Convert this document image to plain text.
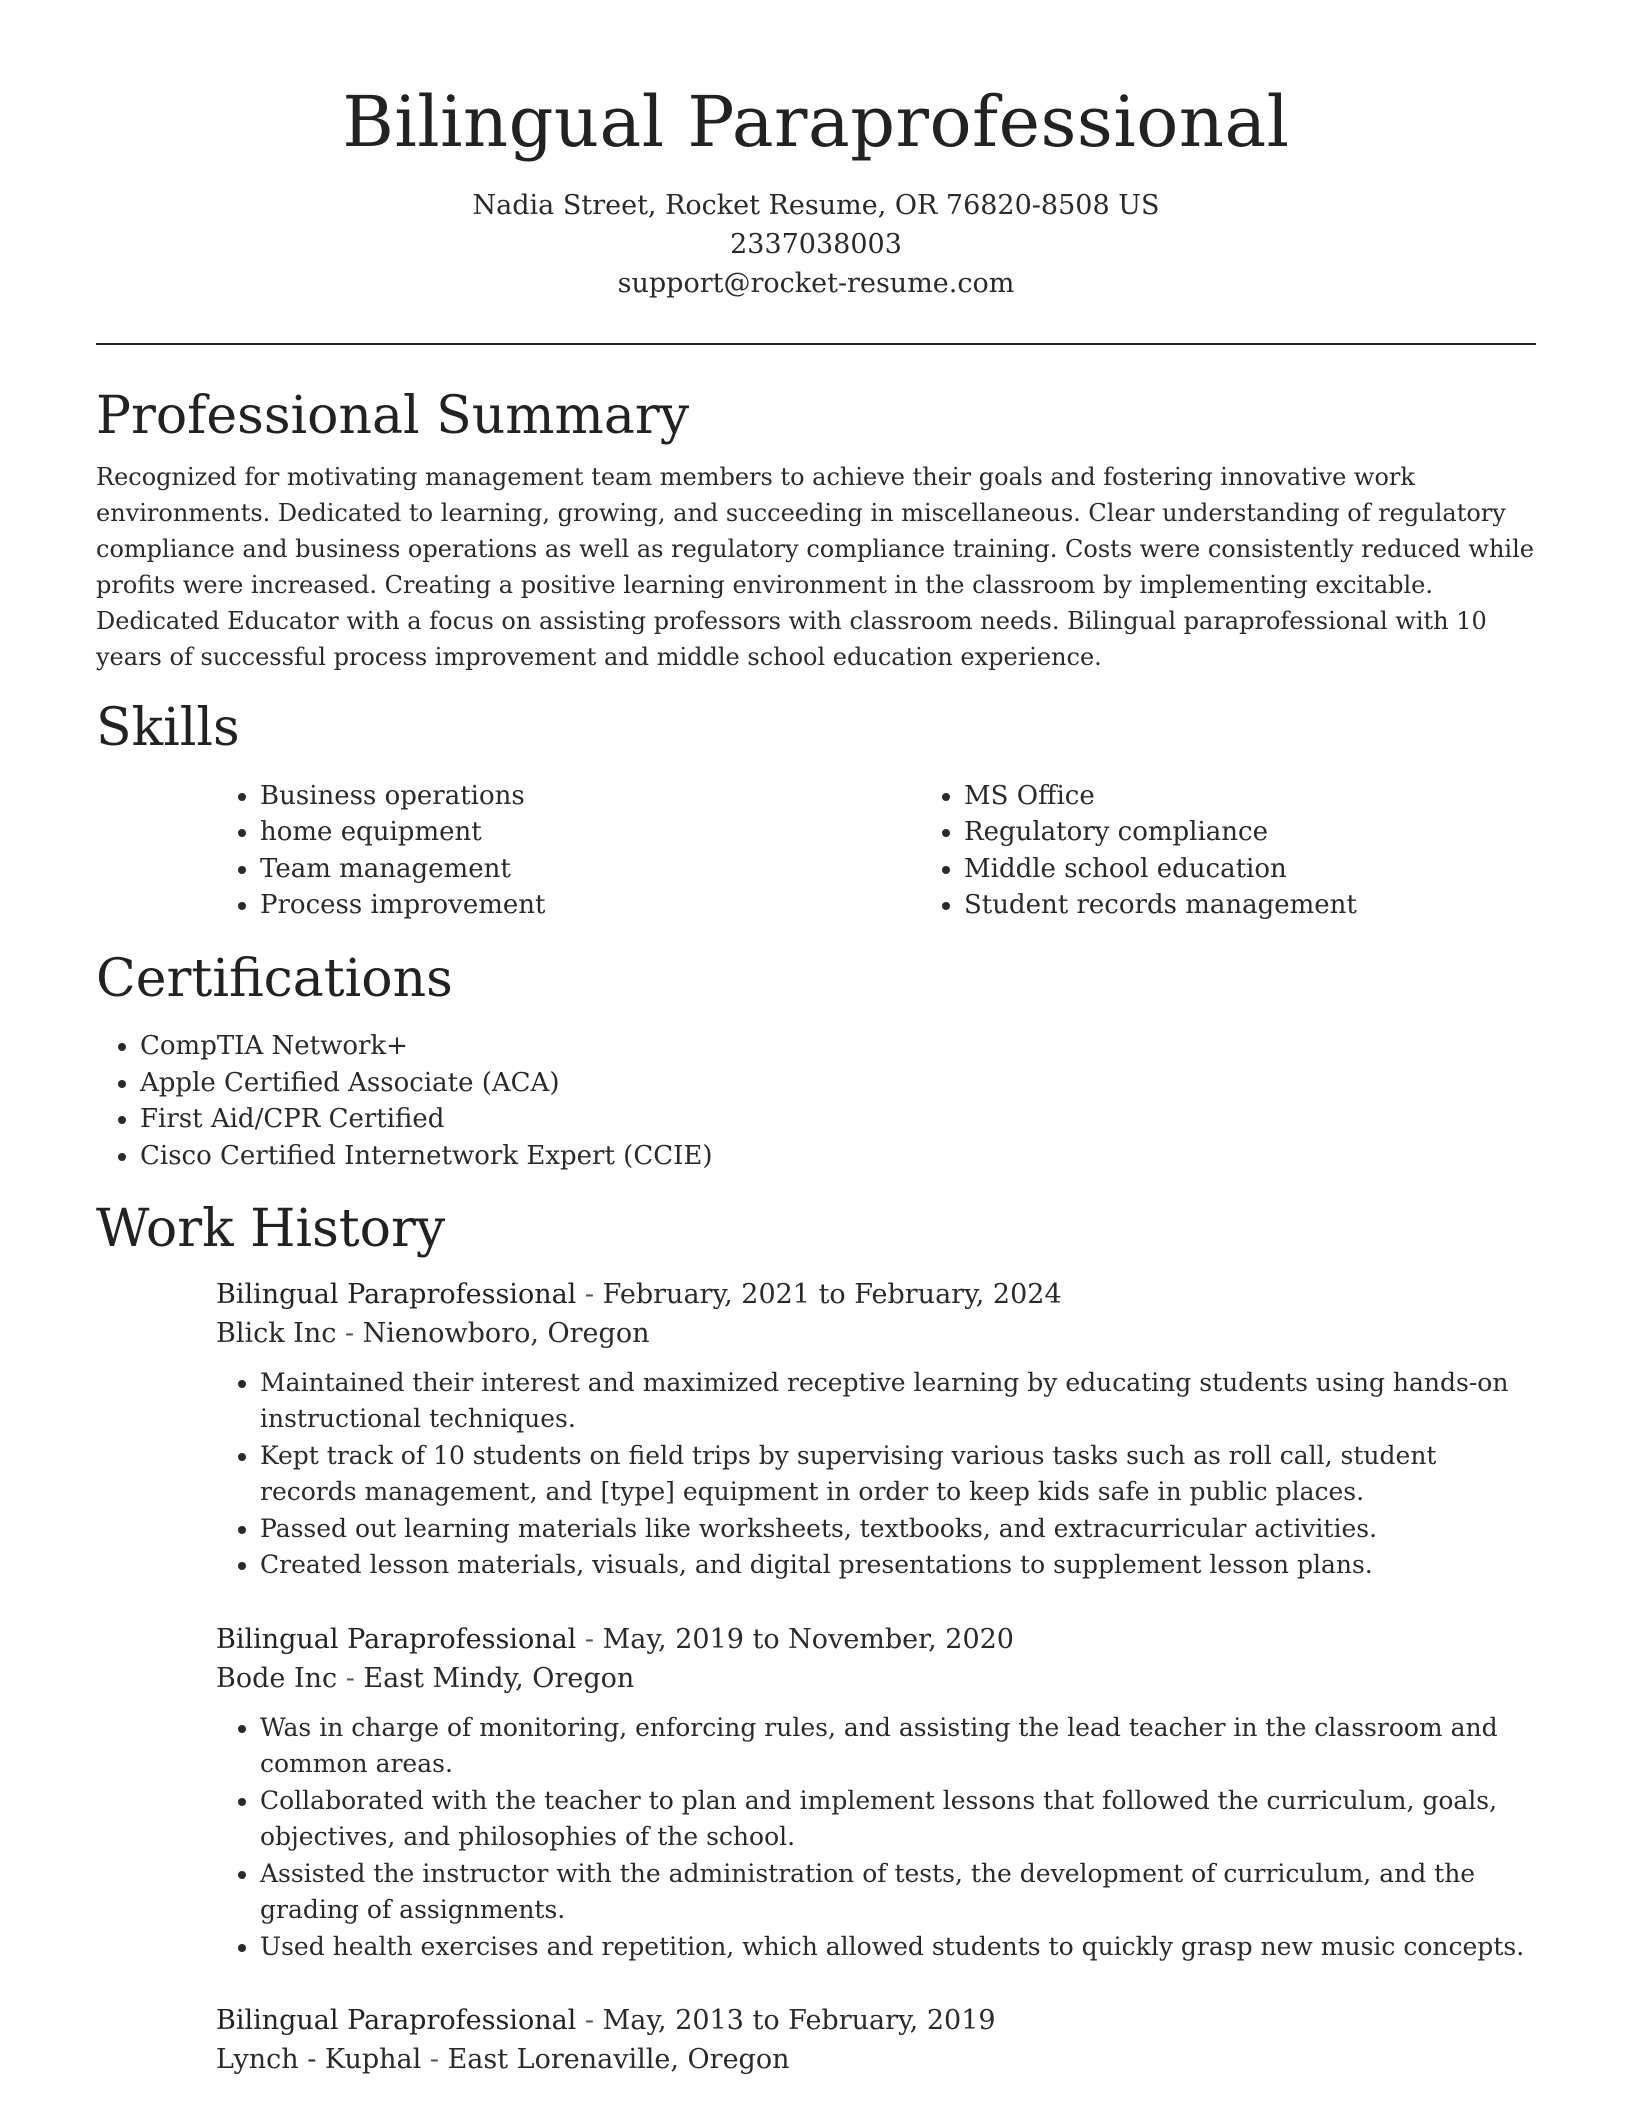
Bilingual Paraprofessional
Nadia Street, Rocket Resume, OR 76820-8508 US
2337038003
support@rocket-resume.com
Professional Summary

Recognized for motivating management team members to achieve their goals and fostering innovative work environments. Dedicated to learning, growing, and succeeding in miscellaneous. Clear understanding of regulatory compliance and business operations as well as regulatory compliance training. Costs were consistently reduced while profits were increased. Creating a positive learning environment in the classroom by implementing excitable. Dedicated Educator with a focus on assisting professors with classroom needs. Bilingual paraprofessional with 10 years of successful process improvement and middle school education experience.

Skills
• Business operations
• home equipment
• Team management
• Process improvement
• MS Office
• Regulatory compliance
• Middle school education
• Student records management
Certifications
• CompTIA Network+
• Apple Certified Associate (ACA)
• First Aid/CPR Certified
• Cisco Certified Internetwork Expert (CCIE)
Work History
Bilingual Paraprofessional - February, 2021 to February, 2024
Blick Inc - Nienowboro, Oregon
• Maintained their interest and maximized receptive learning by educating students using hands-on instructional techniques.
• Kept track of 10 students on field trips by supervising various tasks such as roll call, student records management, and [type] equipment in order to keep kids safe in public places.
• Passed out learning materials like worksheets, textbooks, and extracurricular activities.
• Created lesson materials, visuals, and digital presentations to supplement lesson plans.
Bilingual Paraprofessional - May, 2019 to November, 2020
Bode Inc - East Mindy, Oregon
• Was in charge of monitoring, enforcing rules, and assisting the lead teacher in the classroom and common areas.
• Collaborated with the teacher to plan and implement lessons that followed the curriculum, goals, objectives, and philosophies of the school.
• Assisted the instructor with the administration of tests, the development of curriculum, and the grading of assignments.
• Used health exercises and repetition, which allowed students to quickly grasp new music concepts.
Bilingual Paraprofessional - May, 2013 to February, 2019
Lynch - Kuphal - East Lorenaville, Oregon
